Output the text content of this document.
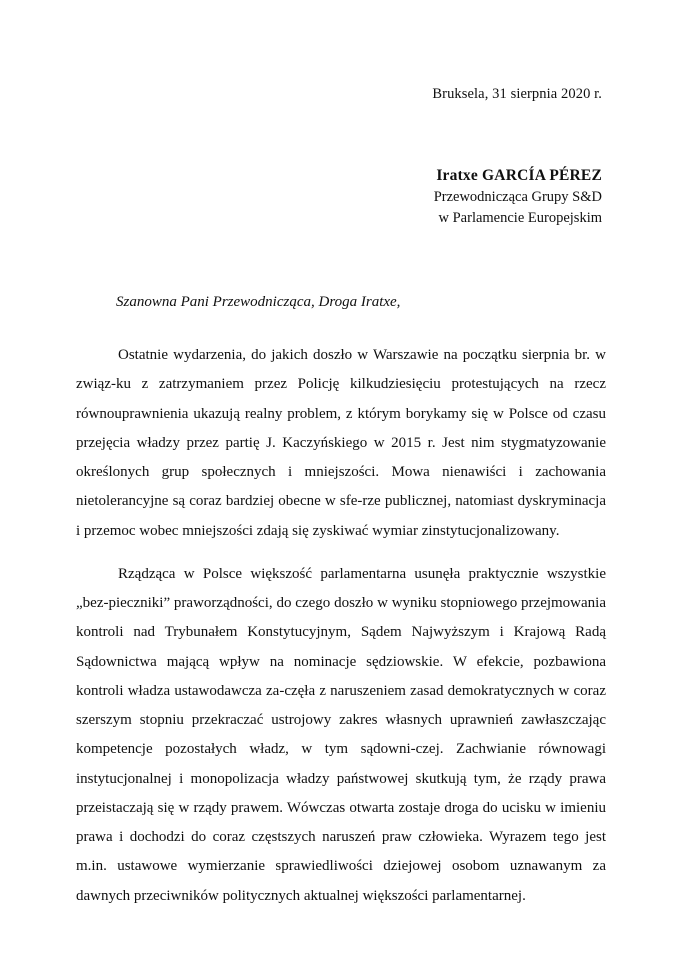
Bruksela, 31 sierpnia 2020 r.
Iratxe GARCÍA PÉREZ
Przewodnicząca Grupy S&D
w Parlamencie Europejskim
Szanowna Pani Przewodnicząca, Droga Iratxe,

Ostatnie wydarzenia, do jakich doszło w Warszawie na początku sierpnia br. w związ-ku z zatrzymaniem przez Policję kilkudziesięciu protestujących na rzecz równouprawnienia ukazują realny problem, z którym borykamy się w Polsce od czasu przejęcia władzy przez partię J. Kaczyńskiego w 2015 r. Jest nim stygmatyzowanie określonych grup społecznych i mniejszości. Mowa nienawiści i zachowania nietolerancyjne są coraz bardziej obecne w sfe-rze publicznej, natomiast dyskryminacja i przemoc wobec mniejszości zdają się zyskiwać wymiar zinstytucjonalizowany.

Rządząca w Polsce większość parlamentarna usunęła praktycznie wszystkie „bez-pieczniki” praworządności, do czego doszło w wyniku stopniowego przejmowania kontroli nad Trybunałem Konstytucyjnym, Sądem Najwyższym i Krajową Radą Sądownictwa mającą wpływ na nominacje sędziowskie. W efekcie, pozbawiona kontroli władza ustawodawcza za-częła z naruszeniem zasad demokratycznych w coraz szerszym stopniu przekraczać ustrojowy zakres własnych uprawnień zawłaszczając kompetencje pozostałych władz, w tym sądowni-czej. Zachwianie równowagi instytucjonalnej i monopolizacja władzy państwowej skutkują tym, że rządy prawa przeistaczają się w rządy prawem. Wówczas otwarta zostaje droga do ucisku w imieniu prawa i dochodzi do coraz częstszych naruszeń praw człowieka. Wyrazem tego jest m.in. ustawowe wymierzanie sprawiedliwości dziejowej osobom uznawanym za dawnych przeciwników politycznych aktualnej większości parlamentarnej.
